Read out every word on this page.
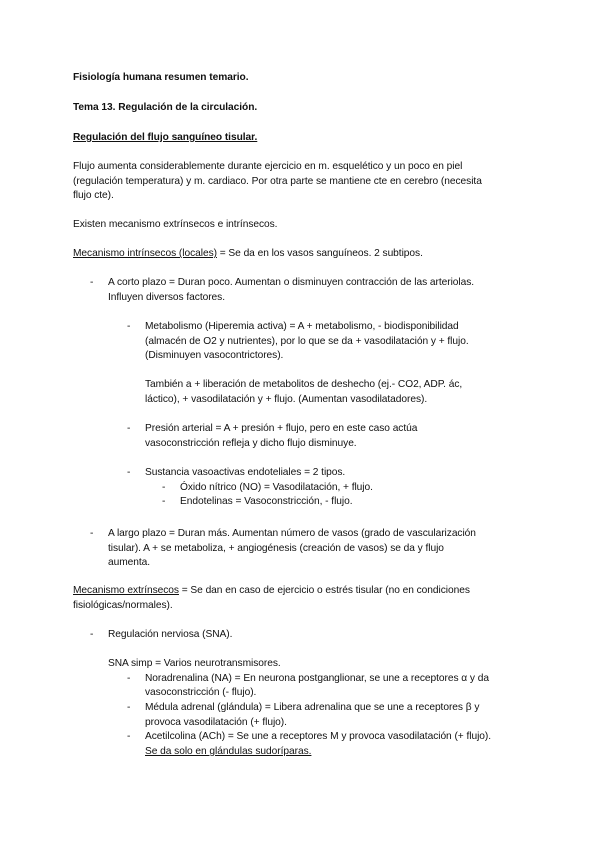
Fisiología humana resumen temario.
Tema 13. Regulación de la circulación.
Regulación del flujo sanguíneo tisular.
Flujo aumenta considerablemente durante ejercicio en m. esquelético y un poco en piel
(regulación temperatura) y m. cardiaco. Por otra parte se mantiene cte en cerebro (necesita
flujo cte).
Existen mecanismo extrínsecos e intrínsecos.
Mecanismo intrínsecos (locales) = Se da en los vasos sanguíneos. 2 subtipos.
- A corto plazo = Duran poco. Aumentan o disminuyen contracción de las arteriolas.
Influyen diversos factores.
- Metabolismo (Hiperemia activa) = A + metabolismo, - biodisponibilidad
(almacén de O2 y nutrientes), por lo que se da + vasodilatación y + flujo.
(Disminuyen vasocontrictores).
También a + liberación de metabolitos de deshecho (ej.- CO2, ADP. ác,
láctico), + vasodilatación y + flujo. (Aumentan vasodilatadores).
- Presión arterial = A + presión + flujo, pero en este caso actúa
vasoconstricción refleja y dicho flujo disminuye.
- Sustancia vasoactivas endoteliales = 2 tipos.
- Óxido nítrico (NO) = Vasodilatación, + flujo.
- Endotelinas = Vasoconstricción, - flujo.
- A largo plazo = Duran más. Aumentan número de vasos (grado de vascularización
tisular). A + se metaboliza, + angiogénesis (creación de vasos) se da y flujo
aumenta.
Mecanismo extrínsecos = Se dan en caso de ejercicio o estrés tisular (no en condiciones
fisiológicas/normales).
- Regulación nerviosa (SNA).
SNA simp = Varios neurotransmisores.
- Noradrenalina (NA) = En neurona postganglionar, se une a receptores α y da
vasoconstricción (- flujo).
- Médula adrenal (glándula) = Libera adrenalina que se une a receptores β y
provoca vasodilatación (+ flujo).
- Acetilcolina (ACh) = Se une a receptores M y provoca vasodilatación (+ flujo).
Se da solo en glándulas sudoríparas.
